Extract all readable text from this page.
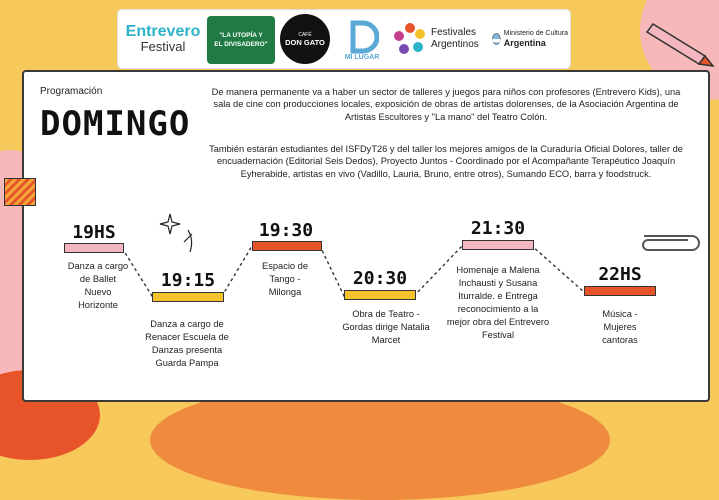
Entrevero
Festival
"LA UTOPÍA Y
EL DIVISADERO"
CAFÉ
DON GATO
MI LUGAR
Festivales
Argentinos
Ministerio de Cultura
Argentina
Programación
DOMINGO
De manera permanente va a haber un sector de talleres y juegos para niños con profesores (Entrevero Kids), una sala de cine con producciones locales, exposición de obras de artistas dolorenses, de la Asociación Argentina de Artistas Escultores y "La mano" del Teatro Colón.
También estarán estudiantes del ISFDyT26 y del taller los mejores amigos de la Curaduría Oficial Dolores, taller de encuadernación (Editorial Seis Dedos), Proyecto Juntos - Coordinado por el Acompañante Terapéutico Joaquín Eyherabide, artistas en vivo (Vadillo, Lauria, Bruno, entre otros), Sumando ECO, barra y foodstruck.
19HS
Danza a cargo de Ballet Nuevo Horizonte
19:15
Danza a cargo de Renacer Escuela de Danzas presenta Guarda Pampa
19:30
Espacio de Tango - Milonga
20:30
Obra de Teatro - Gordas dirige Natalia Marcet
21:30
Homenaje a Malena Inchausti y Susana Iturralde. e Entrega reconocimiento a la mejor obra del Entrevero Festival
22HS
Música - Mujeres cantoras
